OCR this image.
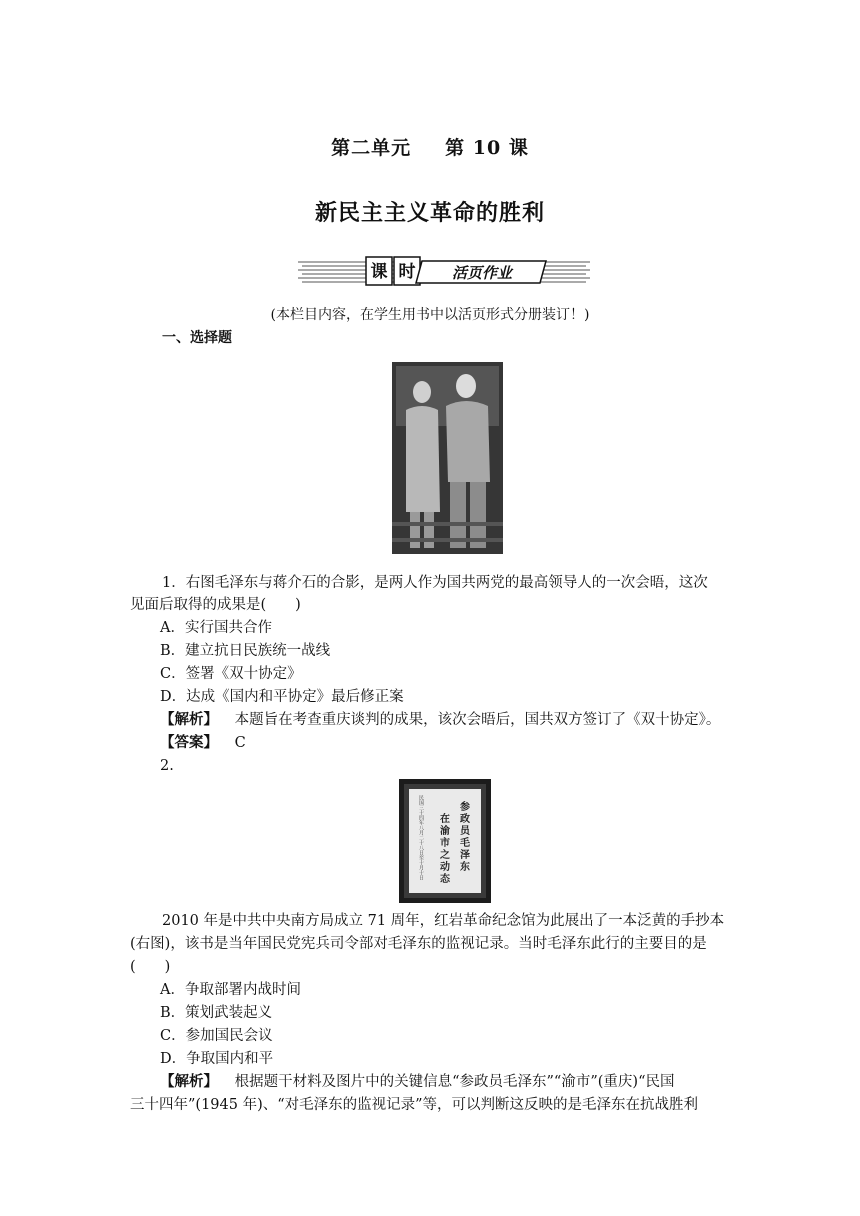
第二单元 第 10 课
新民主主义革命的胜利
课 时 活页作业
(本栏目内容，在学生用书中以活页形式分册装订！)
一、选择题
1．右图毛泽东与蒋介石的合影，是两人作为国共两党的最高领导人的一次会晤，这次
见面后取得的成果是(　　)
A．实行国共合作
B．建立抗日民族统一战线
C．签署《双十协定》
D．达成《国内和平协定》最后修正案
【解析】 本题旨在考查重庆谈判的成果，该次会晤后，国共双方签订了《双十协定》。
【答案】 C
2.
参政员毛泽东
在渝市之动态
民国三十四年八月二十八日至十月十日
2010 年是中共中央南方局成立 71 周年，红岩革命纪念馆为此展出了一本泛黄的手抄本
(右图)，该书是当年国民党宪兵司令部对毛泽东的监视记录。当时毛泽东此行的主要目的是
(　　)
A．争取部署内战时间
B．策划武装起义
C．参加国民会议
D．争取国内和平
【解析】 根据题干材料及图片中的关键信息“参政员毛泽东”“渝市”(重庆)“民国
三十四年”(1945 年)、“对毛泽东的监视记录”等，可以判断这反映的是毛泽东在抗战胜利
